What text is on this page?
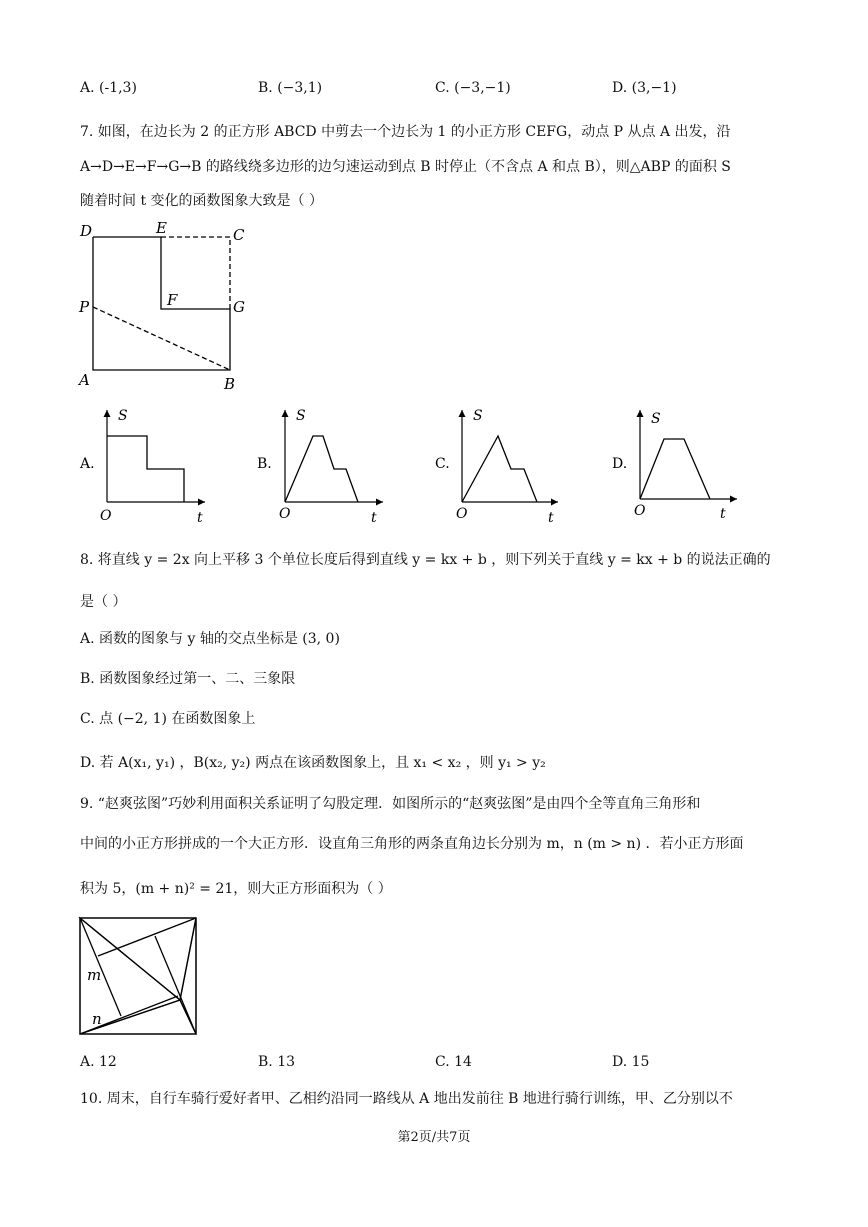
A. (-1,3)	B. (−3,1)	C. (−3,−1)	D. (3,−1)
7. 如图，在边长为 2 的正方形 ABCD 中剪去一个边长为 1 的小正方形 CEFG，动点 P 从点 A 出发，沿
A→D→E→F→G→B 的路线绕多边形的边匀速运动到点 B 时停止（不含点 A 和点 B），则△ABP 的面积 S
随着时间 t 变化的函数图象大致是（ ）
D	E	C
P	F	G
A	B
A.
S
O	t
B.
S
O	t
C.
S
O	t
D.
S
O	t
8. 将直线 y = 2x 向上平移 3 个单位长度后得到直线 y = kx + b ，则下列关于直线 y = kx + b 的说法正确的
是（ ）
A. 函数的图象与 y 轴的交点坐标是 (3, 0)
B. 函数图象经过第一、二、三象限
C. 点 (−2, 1) 在函数图象上
D. 若 A(x₁, y₁) ，B(x₂, y₂) 两点在该函数图象上，且 x₁ < x₂ ，则 y₁ > y₂
9. “赵爽弦图”巧妙利用面积关系证明了勾股定理．如图所示的“赵爽弦图”是由四个全等直角三角形和
中间的小正方形拼成的一个大正方形．设直角三角形的两条直角边长分别为 m，n (m > n) ．若小正方形面
积为 5，(m + n)² = 21，则大正方形面积为（ ）
m
n
A. 12	B. 13	C. 14	D. 15
10. 周末，自行车骑行爱好者甲、乙相约沿同一路线从 A 地出发前往 B 地进行骑行训练，甲、乙分别以不
第2页/共7页
